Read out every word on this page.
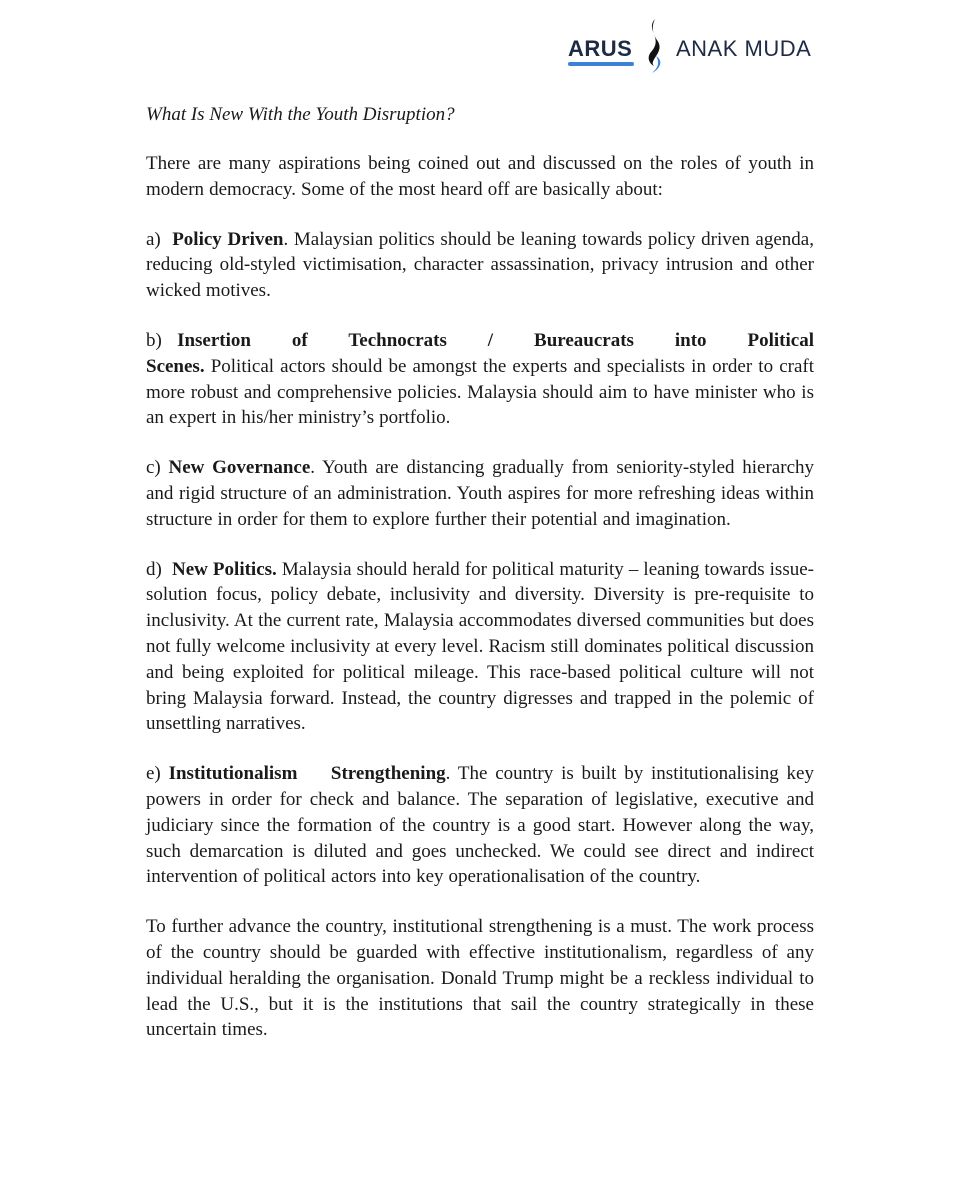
ARUS ANAK MUDA

What Is New With the Youth Disruption?

There are many aspirations being coined out and discussed on the roles of youth in modern democracy. Some of the most heard off are basically about:

a) Policy Driven. Malaysian politics should be leaning towards policy driven agenda, reducing old-styled victimisation, character assassination, privacy intrusion and other wicked motives.

b) Insertion of Technocrats / Bureaucrats into Political Scenes. Political actors should be amongst the experts and specialists in order to craft more robust and comprehensive policies. Malaysia should aim to have minister who is an expert in his/her ministry’s portfolio.

c) New Governance. Youth are distancing gradually from seniority-styled hierarchy and rigid structure of an administration. Youth aspires for more refreshing ideas within structure in order for them to explore further their potential and imagination.

d) New Politics. Malaysia should herald for political maturity – leaning towards issue-solution focus, policy debate, inclusivity and diversity. Diversity is pre-requisite to inclusivity. At the current rate, Malaysia accommodates diversed communities but does not fully welcome inclusivity at every level. Racism still dominates political discussion and being exploited for political mileage. This race-based political culture will not bring Malaysia forward. Instead, the country digresses and trapped in the polemic of unsettling narratives.

e) Institutionalism Strengthening. The country is built by institutionalising key powers in order for check and balance. The separation of legislative, executive and judiciary since the formation of the country is a good start. However along the way, such demarcation is diluted and goes unchecked. We could see direct and indirect intervention of political actors into key operationalisation of the country.

To further advance the country, institutional strengthening is a must. The work process of the country should be guarded with effective institutionalism, regardless of any individual heralding the organisation. Donald Trump might be a reckless individual to lead the U.S., but it is the institutions that sail the country strategically in these uncertain times.
